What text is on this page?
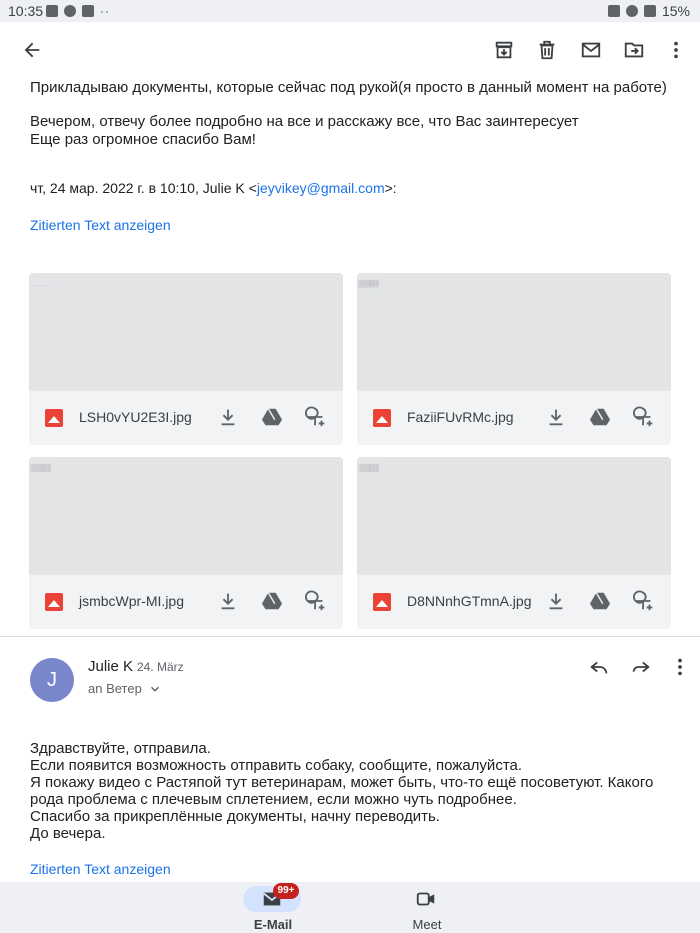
10:35	··	15%
Прикладываю документы, которые сейчас под рукой(я просто в данный момент на работе)
Вечером, отвечу более подробно на все и расскажу все, что Вас заинтересует
Еще раз огромное спасибо Вам!
чт, 24 мар. 2022 г. в 10:10, Julie K <jeyvikey@gmail.com>:
Zitierten Text anzeigen
— ●
■
LSH0vYU2E3I.jpg	FaziiFUvRMc.jpg
jsmbcWpr-MI.jpg	D8NNnhGTmnA.jpg
J
Julie K 24. März
an Ветер
Здравствуйте, отправила.
Если появится возможность отправить собаку, сообщите, пожалуйста.
Я покажу видео с Растяпой тут ветеринарам, может быть, что-то ещё посоветуют. Какого
рода проблема с плечевым сплетением, если можно чуть подробнее.
Спасибо за прикреплённые документы, начну переводить.
До вечера.
Zitierten Text anzeigen
99+
E-Mail	Meet
